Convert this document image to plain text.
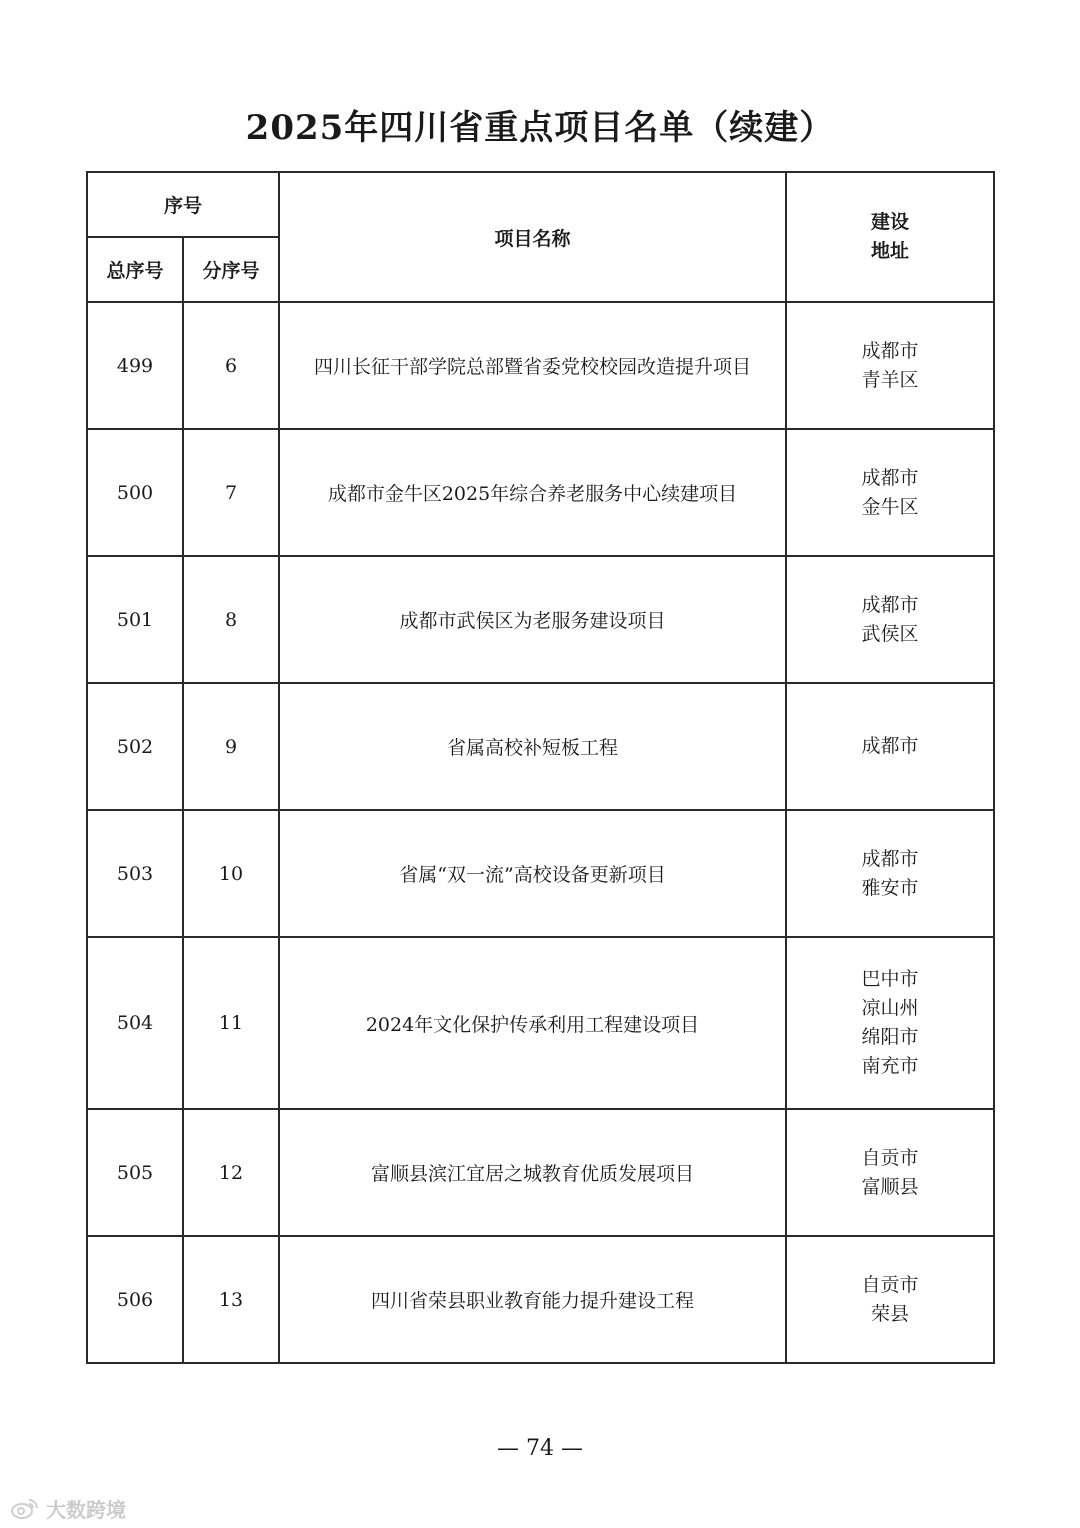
2025年四川省重点项目名单（续建）
序号		项目名称	建设地址
总序号	分序号		
499	6	四川长征干部学院总部暨省委党校校园改造提升项目	成都市
青羊区

500	7	成都市金牛区2025年综合养老服务中心续建项目	成都市
金牛区

501	8	成都市武侯区为老服务建设项目	成都市
武侯区

502	9	省属高校补短板工程	成都市

503	10	省属“双一流”高校设备更新项目	成都市
雅安市

504	11	2024年文化保护传承利用工程建设项目	巴中市
凉山州
绵阳市
南充市

505	12	富顺县滨江宜居之城教育优质发展项目	自贡市
富顺县

506	13	四川省荣县职业教育能力提升建设工程	自贡市
荣县
— 74 —
大数跨境
